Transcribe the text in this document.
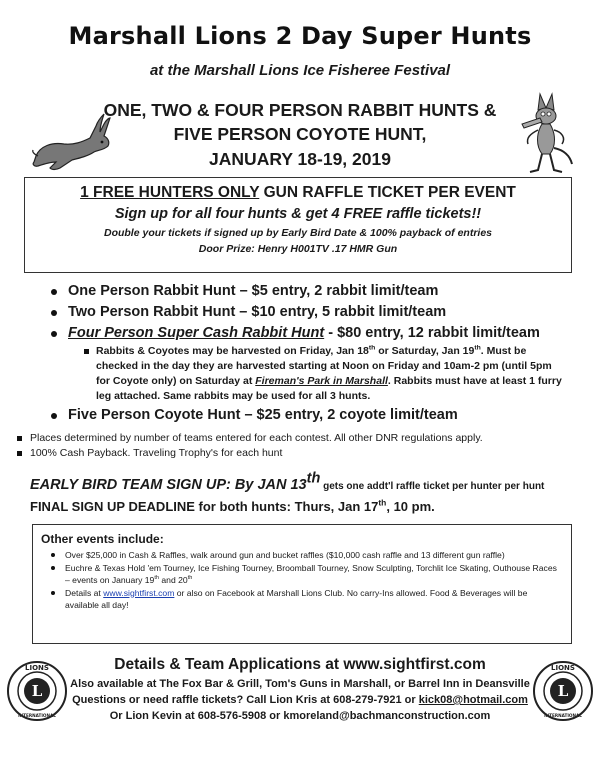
Marshall Lions 2 Day Super Hunts
at the Marshall Lions Ice Fisheree Festival
ONE, TWO & FOUR PERSON RABBIT HUNTS &
FIVE PERSON COYOTE HUNT,
JANUARY 18-19, 2019
1 FREE HUNTERS ONLY GUN RAFFLE TICKET PER EVENT
Sign up for all four hunts & get 4 FREE raffle tickets!!
Double your tickets if signed up by Early Bird Date & 100% payback of entries
Door Prize: Henry H001TV .17 HMR Gun
One Person Rabbit Hunt – $5 entry, 2 rabbit limit/team
Two Person Rabbit Hunt – $10 entry, 5 rabbit limit/team
Four Person Super Cash Rabbit Hunt - $80 entry, 12 rabbit limit/team
Rabbits & Coyotes may be harvested on Friday, Jan 18th or Saturday, Jan 19th. Must be checked in the day they are harvested starting at Noon on Friday and 10am-2 pm (until 5pm for Coyote only) on Saturday at Fireman's Park in Marshall. Rabbits must have at least 1 furry leg attached. Same rabbits may be used for all 3 hunts.
Five Person Coyote Hunt – $25 entry, 2 coyote limit/team
Places determined by number of teams entered for each contest. All other DNR regulations apply.
100% Cash Payback. Traveling Trophy's for each hunt
EARLY BIRD TEAM SIGN UP: By JAN 13th gets one addt'l raffle ticket per hunter per hunt
FINAL SIGN UP DEADLINE for both hunts: Thurs, Jan 17th, 10 pm.
Other events include:
Over $25,000 in Cash & Raffles, walk around gun and bucket raffles ($10,000 cash raffle and 13 different gun raffle)
Euchre & Texas Hold 'em Tourney, Ice Fishing Tourney, Broomball Tourney, Snow Sculpting, Torchlit Ice Skating, Outhouse Races – events on January 19th and 20th
Details at www.sightfirst.com or also on Facebook at Marshall Lions Club. No carry-Ins allowed. Food & Beverages will be available all day!
L
LIONS
INTERNATIONAL
L
LIONS
INTERNATIONAL
Details & Team Applications at www.sightfirst.com
Also available at The Fox Bar & Grill, Tom's Guns in Marshall, or Barrel Inn in Deansville
Questions or need raffle tickets? Call Lion Kris at 608-279-7921 or kick08@hotmail.com
Or Lion Kevin at 608-576-5908 or kmoreland@bachmanconstruction.com
